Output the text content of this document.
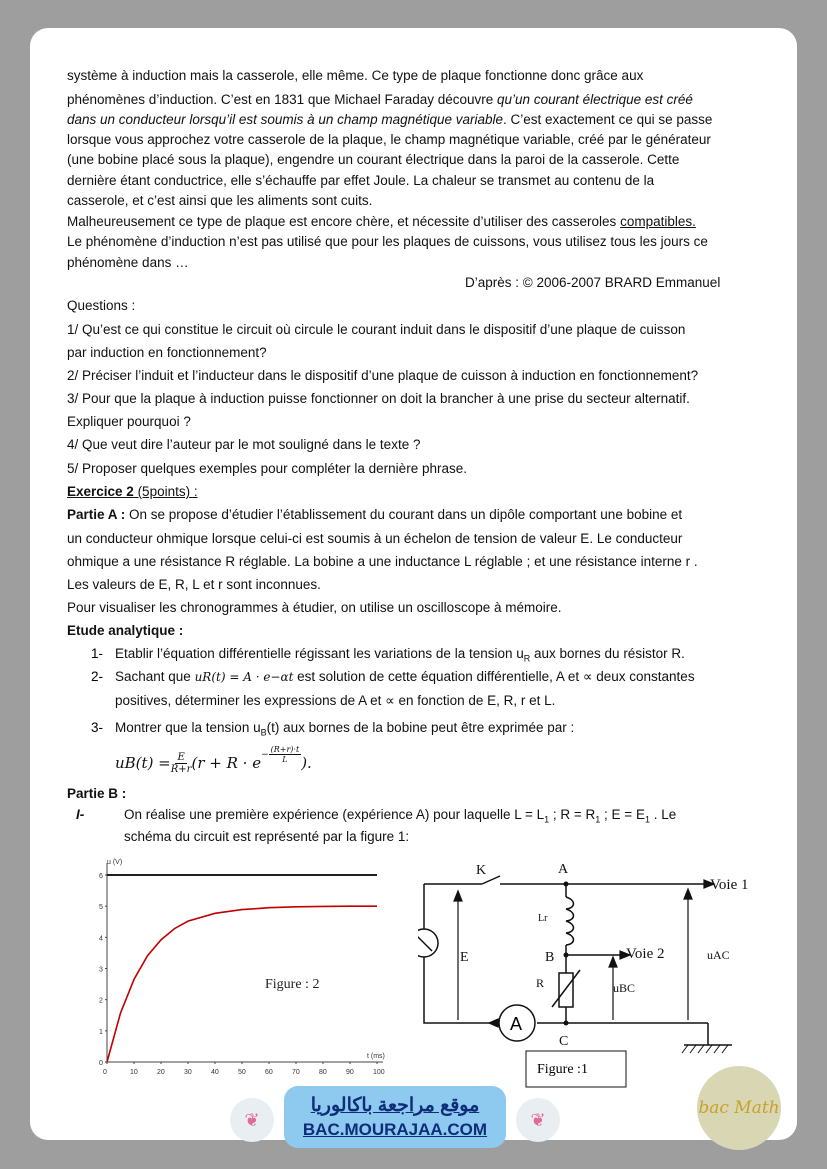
système à induction mais la casserole, elle même. Ce type de plaque fonctionne donc grâce aux
phénomènes d’induction. C’est en 1831 que Michael Faraday découvre qu’un courant électrique est créé
dans un conducteur lorsqu’il est soumis à un champ magnétique variable. C’est exactement ce qui se passe
lorsque vous approchez votre casserole de la plaque, le champ magnétique variable, créé par le générateur
(une bobine placé sous la plaque), engendre un courant électrique dans la paroi de la casserole. Cette
dernière étant conductrice, elle s’échauffe par effet Joule. La chaleur se transmet au contenu de la
casserole, et c’est ainsi que les aliments sont cuits.
Malheureusement ce type de plaque est encore chère, et nécessite d’utiliser des casseroles compatibles.
Le phénomène d’induction n’est pas utilisé que pour les plaques de cuissons, vous utilisez tous les jours ce
phénomène dans …
D’après : © 2006-2007 BRARD Emmanuel
Questions :
1/ Qu’est ce qui constitue le circuit où circule le courant induit dans le dispositif d’une plaque de cuisson
par induction en fonctionnement?
2/ Préciser l’induit et l’inducteur dans le dispositif d’une plaque de cuisson à induction en fonctionnement?
3/ Pour que la plaque à induction puisse fonctionner on doit la brancher à une prise du secteur alternatif.
Expliquer pourquoi ?
4/ Que veut dire l’auteur par le mot souligné dans le texte ?
5/ Proposer quelques exemples pour compléter la dernière phrase.
Exercice 2 (5points) :
Partie A : On se propose d’étudier l’établissement du courant dans un dipôle comportant une bobine et
un conducteur ohmique lorsque celui-ci est soumis à un échelon de tension de valeur E. Le conducteur
ohmique a une résistance R réglable. La bobine a une inductance L réglable ; et une résistance interne r .
Les valeurs de E, R, L et r sont inconnues.
Pour visualiser les chronogrammes à étudier, on utilise un oscilloscope à mémoire.
Etude analytique :
1- Etablir l’équation différentielle régissant les variations de la tension $u_R$ aux bornes du résistor R.
2- Sachant que uR(t) = A · e−αt est solution de cette équation différentielle, A et ∝ deux constantes
positives, déterminer les expressions de A et ∝ en fonction de E, R, r et L.
3- Montrer que la tension $u_B(t)$ aux bornes de la bobine peut être exprimée par :
$uB(t) = \frac{E}{R+r} (r + R \cdot e^{- \frac{(R+r)\cdot t}{L}}$ ).
Partie B :
I-	On réalise une première expérience (expérience A) pour laquelle $L = L_1$ ; $R = R_1$ ; $E = E_1$ . Le
schéma du circuit est représenté par la figure 1:
0
1
2
3
4
5
6
0	10	20	30	40	50	60	70	80	90	100
u (V)
t (ms)
Figure : 2
A
K	A
B
C
Lr
R
E
Voie 1
Voie 2	uAC
uBC
Figure :1
❦	❦
موقع مراجعة باكالوريا
BAC.MOURAJAA.COM
bac Math
